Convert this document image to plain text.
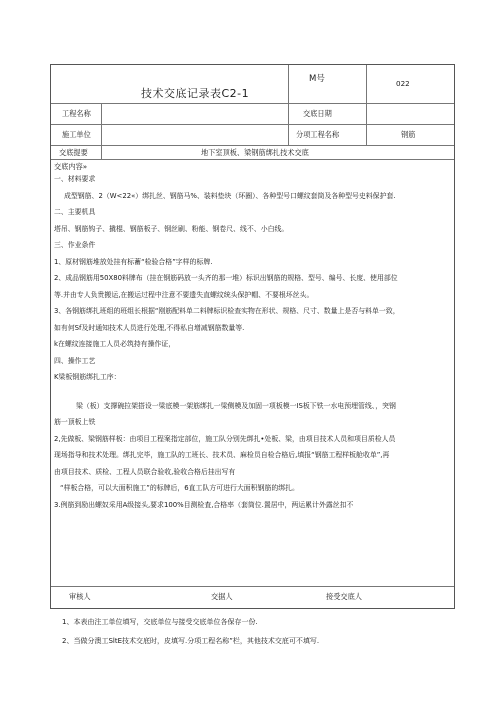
技术交底记录表C2-1
M号	022
工程名称	交底日期
施工单位	分项工程名称	钢筋
交底提要	地下室顶板、梁钢筋绑扎技术交底
交底内容»

一、材料要求

成型钢筋、2（W<22«）绑扎丝、钢筋马%、装料垫块（环圈）、各种型号口螺纹套筒及各种型号史料保护套.

二、主要机具

塔吊、钢筋钩子、撬棍、钢筋板子、钢丝刷、粉能、钢卷尺、线不、小白线。

三、作业条件

1、原材钢筋堆放处挂有标蓄“检验合格”字样的标牌.

2、成品钢筋用50X80料牌布（挂在钢筋码放一头齐的那一堆）标识出钢筋的规格、型号、编号、长度、使用部位

等.并由专人负贵搬运,在搬运过程中注意不要遗失直螺纹统头保护帽、不要根坏丝头。

3、各钢筋绑扎班组的班组长根据“刚筋配料单二料牌标识检查实物在形状、规格、尺寸、数量上是否与料单一致，

如有何Sf及时通知技术人员进行处理,不得私自增减钢筋数量等.

k在螺纹连接施工人员必筑持有操作证，

四、操作工艺

K梁板钢筋绑扎工序：

梁（板）支撑碗拉架搭设一梁底模一架筋绑扎一梁侧模及加固一项板模一IS板下铁一水电预埋管线、，突钢

筋一顶板上铁

2,先做板、梁钢筋样板：由项目工程案指定部位，施工队分别先绑扎•处板、梁，由项目技术人员和项目质检人员

现场指导和技术处理。绑扎完毕，施工队的工班长、技术员、麻检员自检合格后,填报“钢筋工程样板舱收单”,再

由项目技术、质检、工程人员联合验收,验收合格后挂出写有

“样板合格，可以大面积施工”的标牌后，6直工队方可进行大面积钢筋的绑扎。

3.例筋到励出螺奴采用A级接头,要求100%目测检査,合格率（套筒位.置居中，两运累计外露丝扣不

审核人	交据人	接受交底人

1、本表由注工单位填写，交底单位与接受交底单位各保存一份.

2、当做分澳工SltE技术交底时，皮填写.分项工程名称”栏，其他技术交底可不填写.
